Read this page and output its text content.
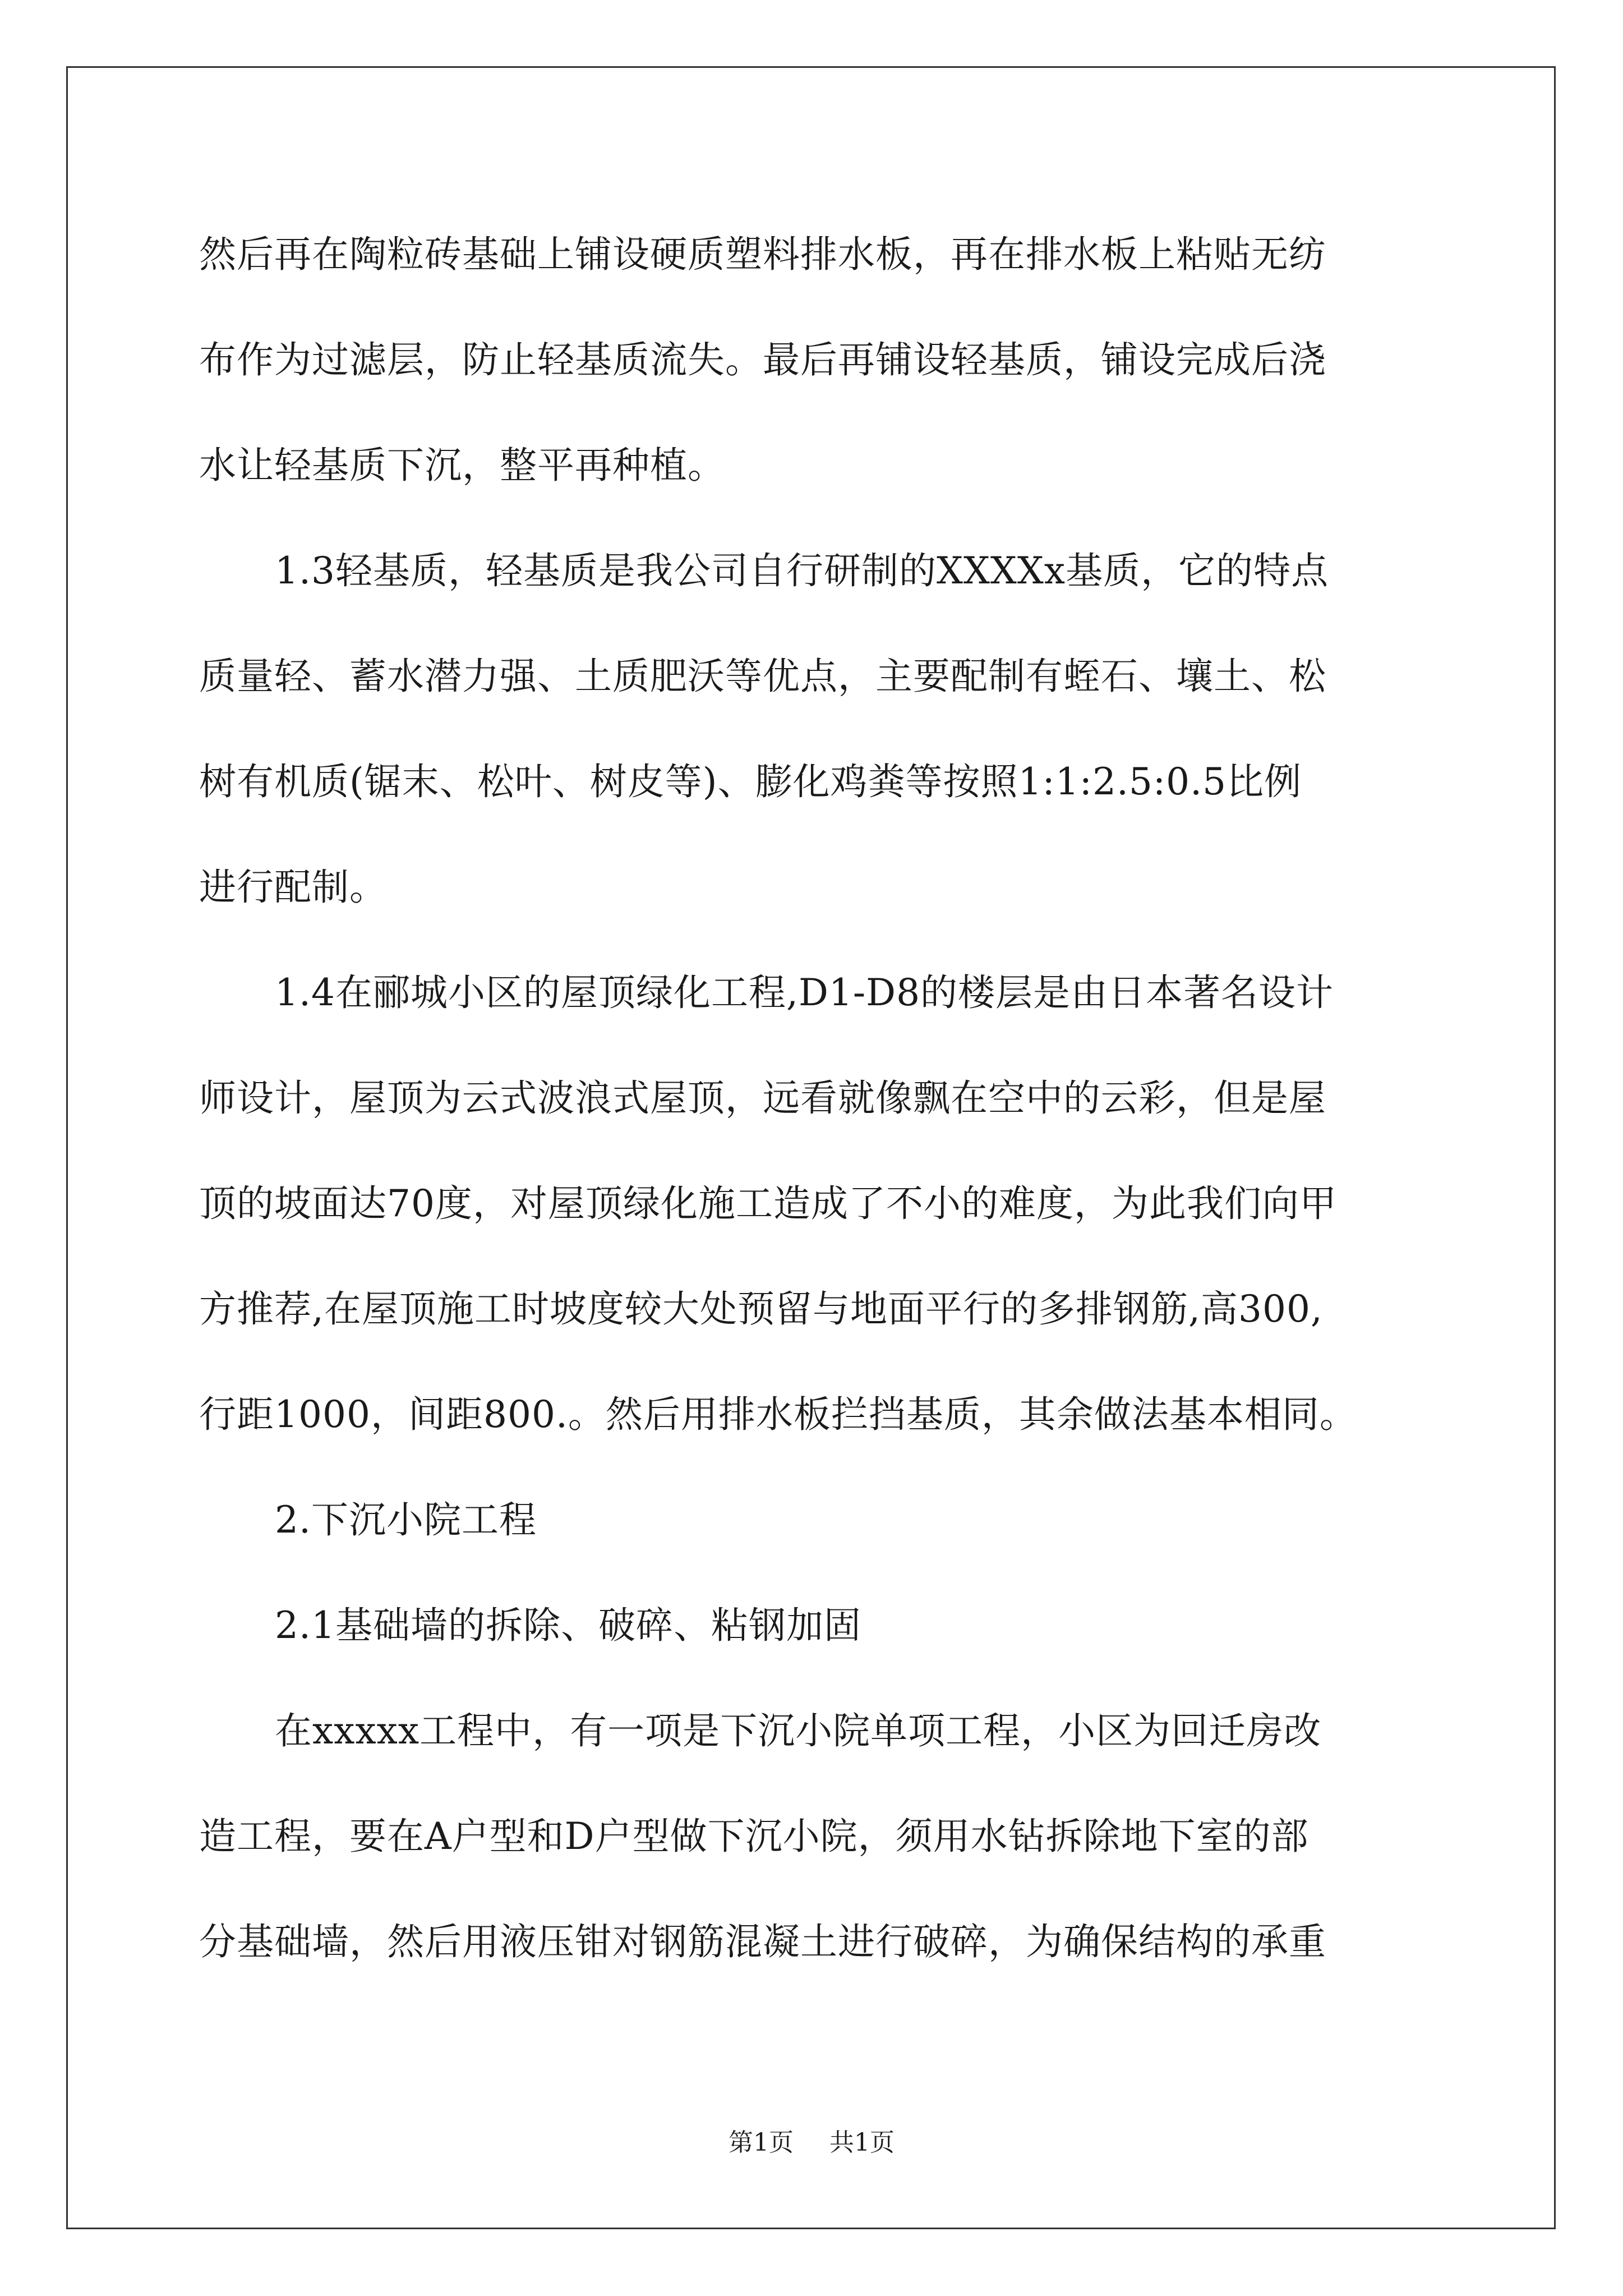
然后再在陶粒砖基础上铺设硬质塑料排水板，再在排水板上粘贴无纺
布作为过滤层，防止轻基质流失。最后再铺设轻基质，铺设完成后浇
水让轻基质下沉，整平再种植。
1.3轻基质，轻基质是我公司自行研制的XXXXx基质，它的特点
质量轻、蓄水潜力强、土质肥沃等优点，主要配制有蛭石、壤土、松
树有机质(锯末、松叶、树皮等)、膨化鸡粪等按照1:1:2.5:0.5比例
进行配制。
1.4在郦城小区的屋顶绿化工程,D1-D8的楼层是由日本著名设计
师设计，屋顶为云式波浪式屋顶，远看就像飘在空中的云彩，但是屋
顶的坡面达70度，对屋顶绿化施工造成了不小的难度，为此我们向甲
方推荐,在屋顶施工时坡度较大处预留与地面平行的多排钢筋,高300,
行距1000，间距800.。然后用排水板拦挡基质，其余做法基本相同。
2.下沉小院工程
2.1基础墙的拆除、破碎、粘钢加固
在xxxxx工程中，有一项是下沉小院单项工程，小区为回迁房改
造工程，要在A户型和D户型做下沉小院，须用水钻拆除地下室的部
分基础墙，然后用液压钳对钢筋混凝土进行破碎，为确保结构的承重
第1页 共1页
